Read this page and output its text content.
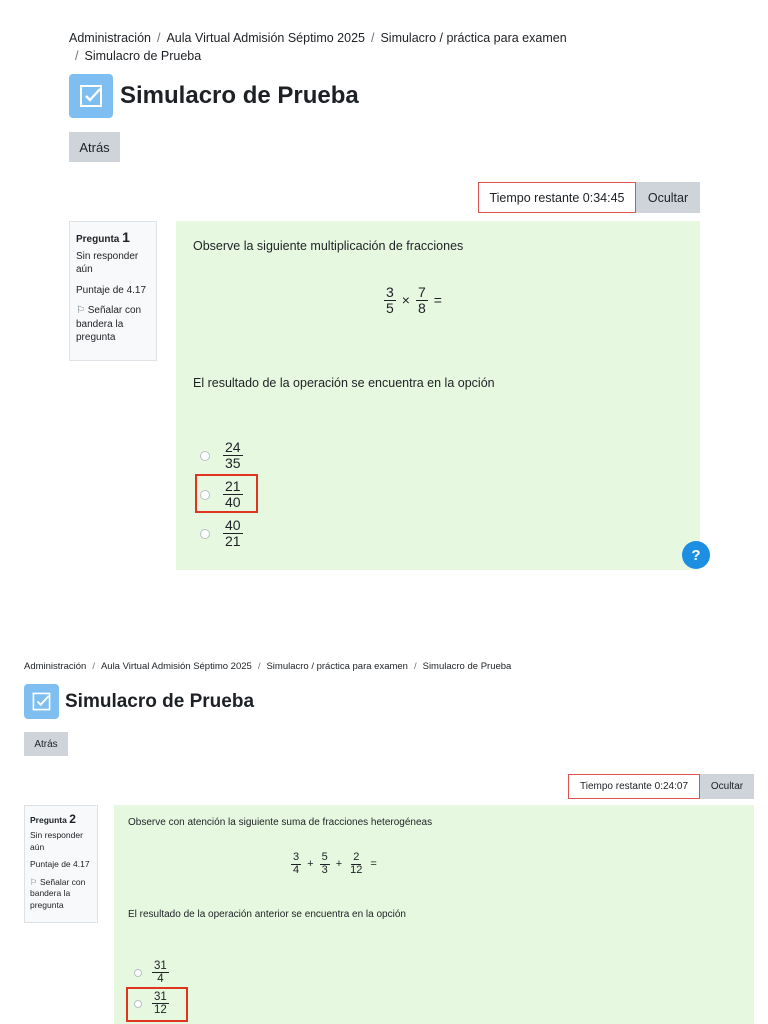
Administración / Aula Virtual Admisión Séptimo 2025 / Simulacro / práctica para examen
/ Simulacro de Prueba
Simulacro de Prueba
Atrás
Tiempo restante 0:34:45	Ocultar
Pregunta 1
Sin responder aún
Puntaje de 4.17
⚐ Señalar con bandera la pregunta
Observe la siguiente multiplicación de fracciones
$\frac{3}{5} \times \frac{7}{8}$ =
El resultado de la operación se encuentra en la opción
$\frac{24}{35}$
$\frac{21}{40}$
$\frac{40}{21}$
?
Administración / Aula Virtual Admisión Séptimo 2025 / Simulacro / práctica para examen / Simulacro de Prueba
Simulacro de Prueba
Atrás
Tiempo restante 0:24:07	Ocultar
Pregunta 2
Sin responder aún
Puntaje de 4.17
⚐ Señalar con bandera la pregunta
Observe con atención la siguiente suma de fracciones heterogéneas
$\frac{3}{4} + \frac{5}{3} + \frac{2}{12}$ =
El resultado de la operación anterior se encuentra en la opción
$\frac{31}{4}$
$\frac{31}{12}$
